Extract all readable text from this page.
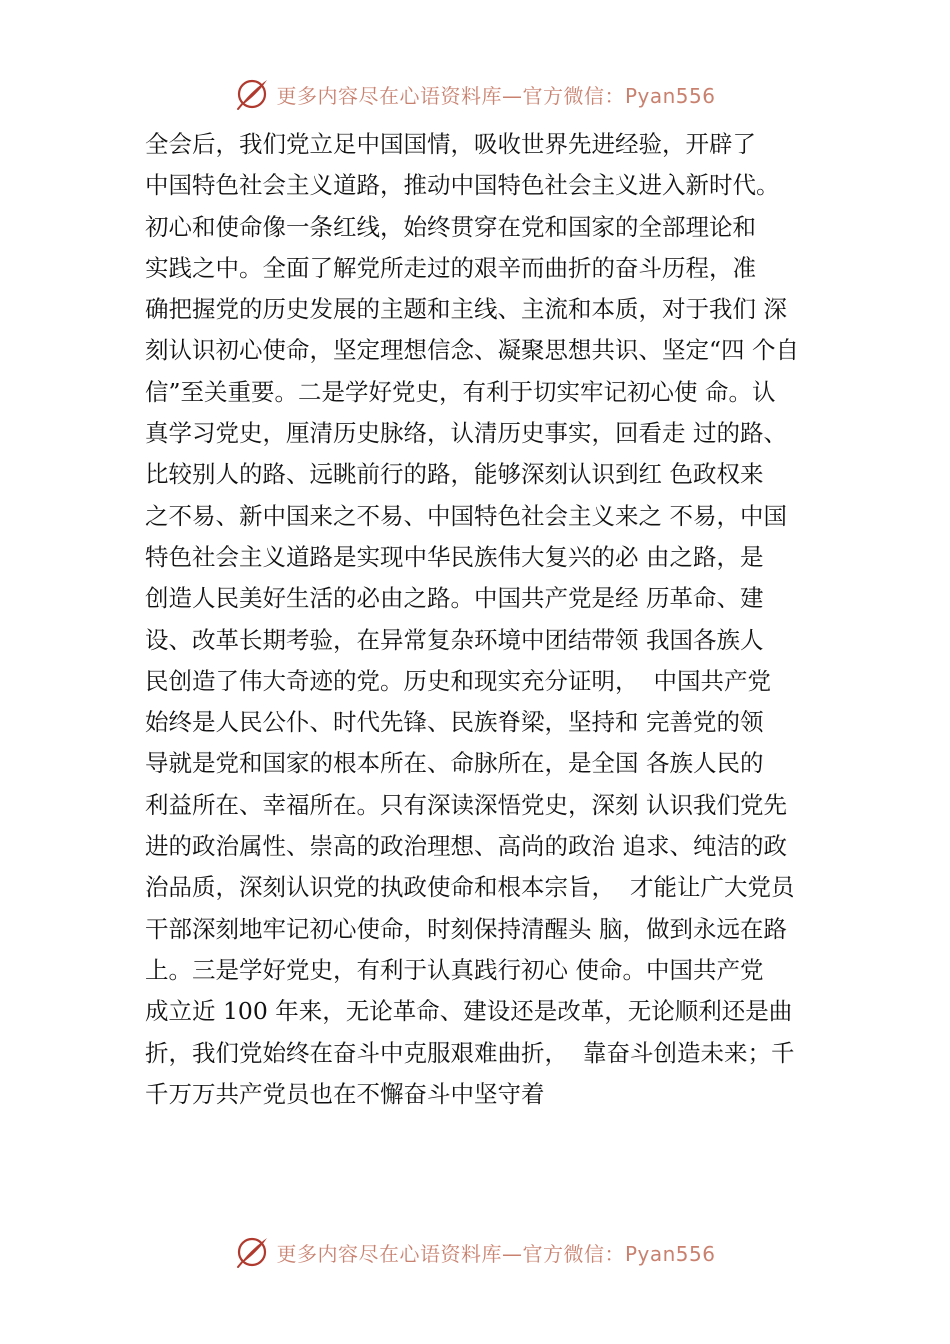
更多内容尽在心语资料库—官方微信：Pyan556
全会后，我们党立足中国国情，吸收世界先进经验，开辟了
中国特色社会主义道路，推动中国特色社会主义进入新时代。
初心和使命像一条红线，始终贯穿在党和国家的全部理论和
实践之中。全面了解党所走过的艰辛而曲折的奋斗历程，准
确把握党的历史发展的主题和主线、主流和本质，对于我们 深
刻认识初心使命，坚定理想信念、凝聚思想共识、坚定“四 个自
信”至关重要。二是学好党史，有利于切实牢记初心使 命。认
真学习党史，厘清历史脉络，认清历史事实，回看走 过的路、
比较别人的路、远眺前行的路，能够深刻认识到红 色政权来
之不易、新中国来之不易、中国特色社会主义来之 不易，中国
特色社会主义道路是实现中华民族伟大复兴的必 由之路，是
创造人民美好生活的必由之路。中国共产党是经 历革命、建
设、改革长期考验，在异常复杂环境中团结带领 我国各族人
民创造了伟大奇迹的党。历史和现实充分证明，  中国共产党
始终是人民公仆、时代先锋、民族脊梁，坚持和 完善党的领
导就是党和国家的根本所在、命脉所在，是全国 各族人民的
利益所在、幸福所在。只有深读深悟党史，深刻 认识我们党先
进的政治属性、崇高的政治理想、高尚的政治 追求、纯洁的政
治品质，深刻认识党的执政使命和根本宗旨，  才能让广大党员
干部深刻地牢记初心使命，时刻保持清醒头 脑，做到永远在路
上。三是学好党史，有利于认真践行初心 使命。中国共产党
成立近 100 年来，无论革命、建设还是改革，无论顺利还是曲
折，我们党始终在奋斗中克服艰难曲折，  靠奋斗创造未来；千
千万万共产党员也在不懈奋斗中坚守着
更多内容尽在心语资料库—官方微信：Pyan556
